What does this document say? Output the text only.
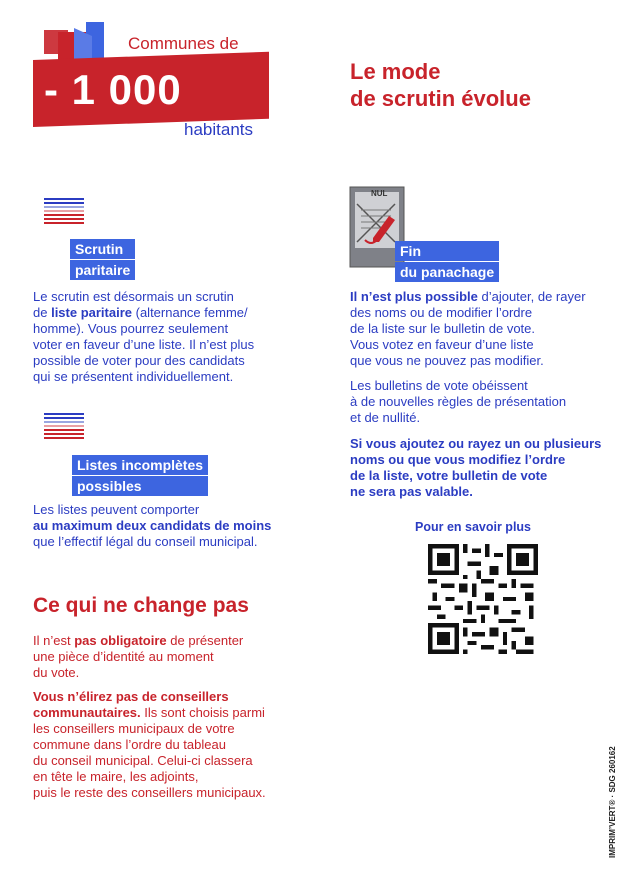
Communes de
- 1 000
habitants
Le mode
de scrutin évolue
Scrutin
paritaire
Le scrutin est désormais un scrutin
de liste paritaire (alternance femme/
homme). Vous pourrez seulement
voter en faveur d’une liste. Il n’est plus
possible de voter pour des candidats
qui se présentent individuellement.
Listes incomplètes
possibles
Les listes peuvent comporter
au maximum deux candidats de moins
que l’effectif légal du conseil municipal.
Ce qui ne change pas
Il n’est pas obligatoire de présenter
une pièce d’identité au moment
du vote.
Vous n’élirez pas de conseillers
communautaires. Ils sont choisis parmi
les conseillers municipaux de votre
commune dans l’ordre du tableau
du conseil municipal. Celui-ci classera
en tête le maire, les adjoints,
puis le reste des conseillers municipaux.
NUL
Fin
du panachage
Il n’est plus possible d’ajouter, de rayer
des noms ou de modifier l’ordre
de la liste sur le bulletin de vote.
Vous votez en faveur d’une liste
que vous ne pouvez pas modifier.
Les bulletins de vote obéissent
à de nouvelles règles de présentation
et de nullité.
Si vous ajoutez ou rayez un ou plusieurs
noms ou que vous modifiez l’ordre
de la liste, votre bulletin de vote
ne sera pas valable.
Pour en savoir plus
IMPRIM’VERT® · SDG 260162
